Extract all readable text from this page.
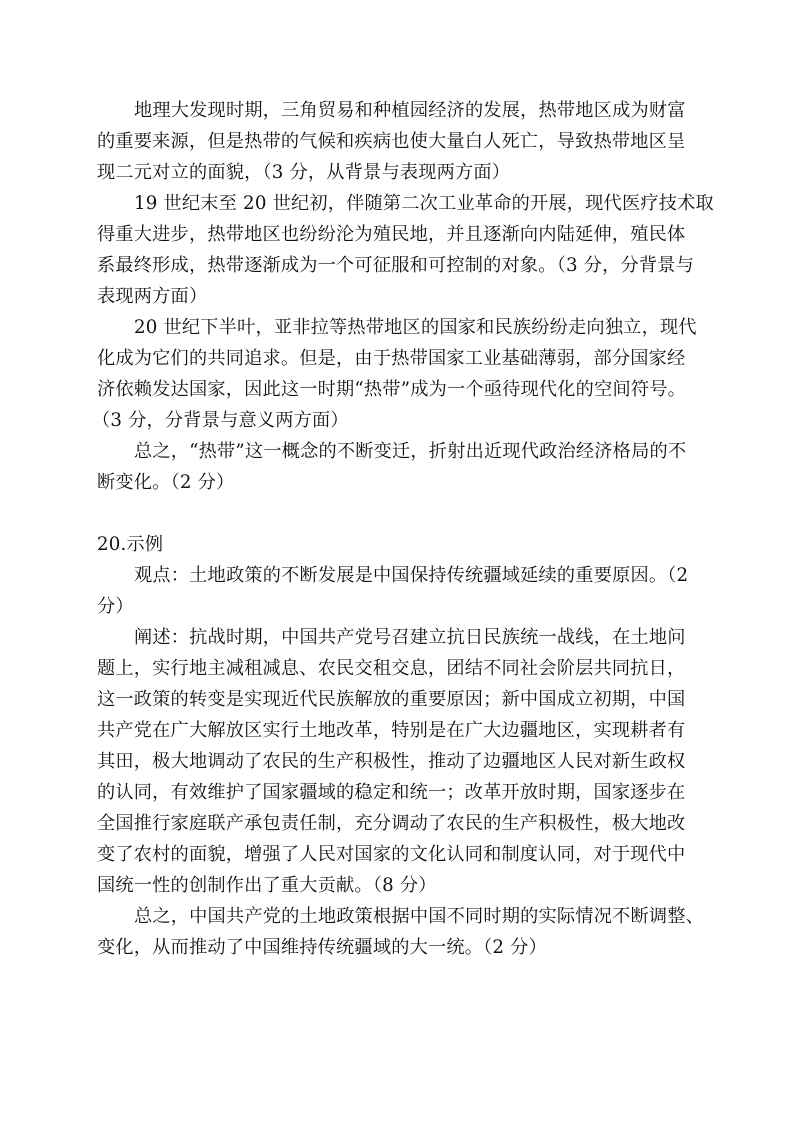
地理大发现时期，三角贸易和种植园经济的发展，热带地区成为财富
的重要来源，但是热带的气候和疾病也使大量白人死亡，导致热带地区呈
现二元对立的面貌，（3 分，从背景与表现两方面）
19 世纪末至 20 世纪初，伴随第二次工业革命的开展，现代医疗技术取
得重大进步，热带地区也纷纷沦为殖民地，并且逐渐向内陆延伸，殖民体
系最终形成，热带逐渐成为一个可征服和可控制的对象。（3 分，分背景与
表现两方面）
20 世纪下半叶，亚非拉等热带地区的国家和民族纷纷走向独立，现代
化成为它们的共同追求。但是，由于热带国家工业基础薄弱，部分国家经
济依赖发达国家，因此这一时期“热带”成为一个亟待现代化的空间符号。
（3 分，分背景与意义两方面）
总之，“热带”这一概念的不断变迁，折射出近现代政治经济格局的不
断变化。（2 分）
20.示例
观点：土地政策的不断发展是中国保持传统疆域延续的重要原因。（2
分）
阐述：抗战时期，中国共产党号召建立抗日民族统一战线，在土地问
题上，实行地主减租减息、农民交租交息，团结不同社会阶层共同抗日，
这一政策的转变是实现近代民族解放的重要原因；新中国成立初期，中国
共产党在广大解放区实行土地改革，特别是在广大边疆地区，实现耕者有
其田，极大地调动了农民的生产积极性，推动了边疆地区人民对新生政权
的认同，有效维护了国家疆域的稳定和统一；改革开放时期，国家逐步在
全国推行家庭联产承包责任制，充分调动了农民的生产积极性，极大地改
变了农村的面貌，增强了人民对国家的文化认同和制度认同，对于现代中
国统一性的创制作出了重大贡献。（8 分）
总之，中国共产党的土地政策根据中国不同时期的实际情况不断调整、
变化，从而推动了中国维持传统疆域的大一统。（2 分）
